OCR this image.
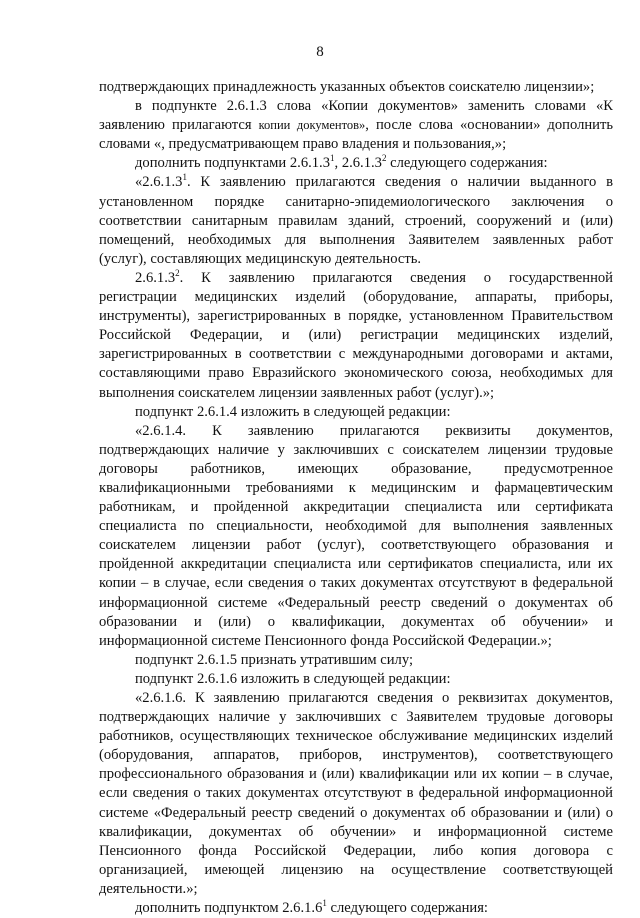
8
подтверждающих принадлежность указанных объектов соискателю лицензии»;
в подпункте 2.6.1.3 слова «Копии документов» заменить словами «К
заявлению прилагаются копии документов», после слова «основании» дополнить
словами «, предусматривающем право владения и пользования,»;
дополнить подпунктами 2.6.1.3$^1$, 2.6.1.3$^2$ следующего содержания:
«2.6.1.3$^1$. К заявлению прилагаются сведения о наличии выданного в
установленном порядке санитарно-эпидемиологического заключения о
соответствии санитарным правилам зданий, строений, сооружений и (или)
помещений, необходимых для выполнения Заявителем заявленных работ
(услуг), составляющих медицинскую деятельность.
2.6.1.3$^2$. К заявлению прилагаются сведения о государственной
регистрации медицинских изделий (оборудование, аппараты, приборы,
инструменты), зарегистрированных в порядке, установленном Правительством
Российской Федерации, и (или) регистрации медицинских изделий,
зарегистрированных в соответствии с международными договорами и актами,
составляющими право Евразийского экономического союза, необходимых для
выполнения соискателем лицензии заявленных работ (услуг).»;
подпункт 2.6.1.4 изложить в следующей редакции:
«2.6.1.4. К заявлению прилагаются реквизиты документов,
подтверждающих наличие у заключивших с соискателем лицензии трудовые
договоры работников, имеющих образование, предусмотренное
квалификационными требованиями к медицинским и фармацевтическим
работникам, и пройденной аккредитации специалиста или сертификата
специалиста по специальности, необходимой для выполнения заявленных
соискателем лицензии работ (услуг), соответствующего образования и
пройденной аккредитации специалиста или сертификатов специалиста, или их
копии – в случае, если сведения о таких документах отсутствуют в федеральной
информационной системе «Федеральный реестр сведений о документах об
образовании и (или) о квалификации, документах об обучении» и
информационной системе Пенсионного фонда Российской Федерации.»;
подпункт 2.6.1.5 признать утратившим силу;
подпункт 2.6.1.6 изложить в следующей редакции:
«2.6.1.6. К заявлению прилагаются сведения о реквизитах документов,
подтверждающих наличие у заключивших с Заявителем трудовые договоры
работников, осуществляющих техническое обслуживание медицинских изделий
(оборудования, аппаратов, приборов, инструментов), соответствующего
профессионального образования и (или) квалификации или их копии – в случае,
если сведения о таких документах отсутствуют в федеральной информационной
системе «Федеральный реестр сведений о документах об образовании и (или) о
квалификации, документах об обучении» и информационной системе
Пенсионного фонда Российской Федерации, либо копия договора с
организацией, имеющей лицензию на осуществление соответствующей
деятельности.»;
дополнить подпунктом 2.6.1.6$^1$ следующего содержания:
